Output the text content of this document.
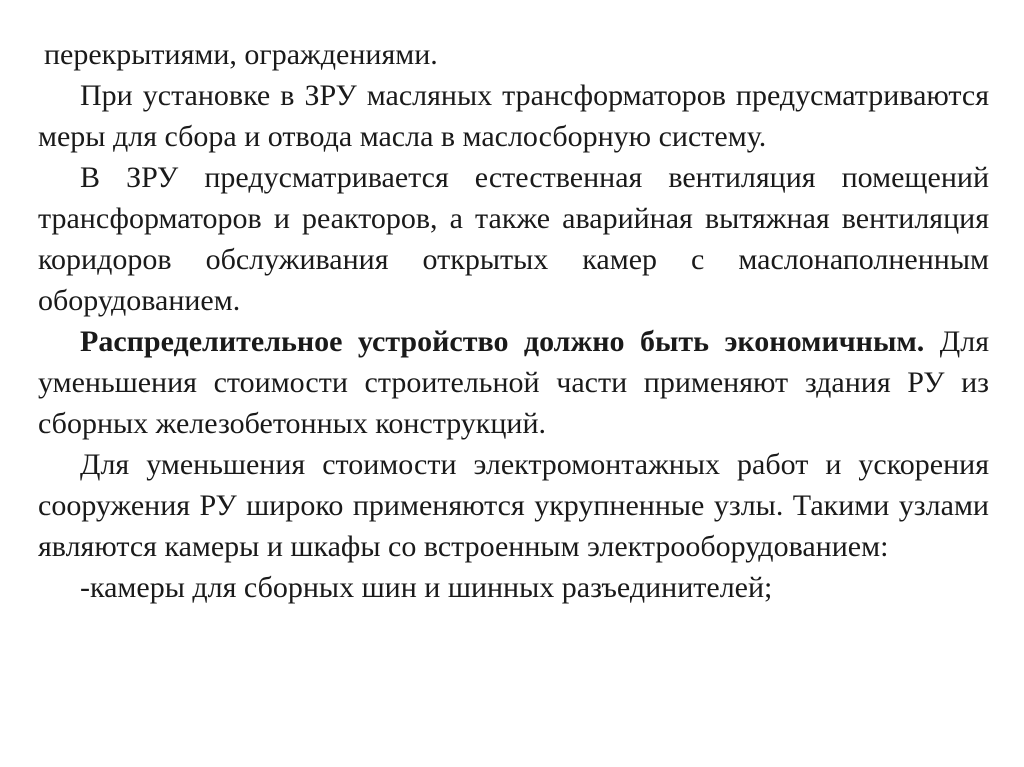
перекрытиями, ограждениями.

При установке в ЗРУ масляных трансформаторов предусматриваются меры для сбора и отвода масла в маслосборную систему.

В ЗРУ предусматривается естественная вентиляция помещений трансформаторов и реакторов, а также аварийная вытяжная вентиляция коридоров обслуживания открытых камер с маслонаполненным оборудованием.

Распределительное устройство должно быть экономичным. Для уменьшения стоимости строительной части применяют здания РУ из сборных железобетонных конструкций.

Для уменьшения стоимости электромонтажных работ и ускорения сооружения РУ широко применяются укрупненные узлы. Такими узлами являются камеры и шкафы со встроенным электрооборудованием:

-камеры для сборных шин и шинных разъединителей;
